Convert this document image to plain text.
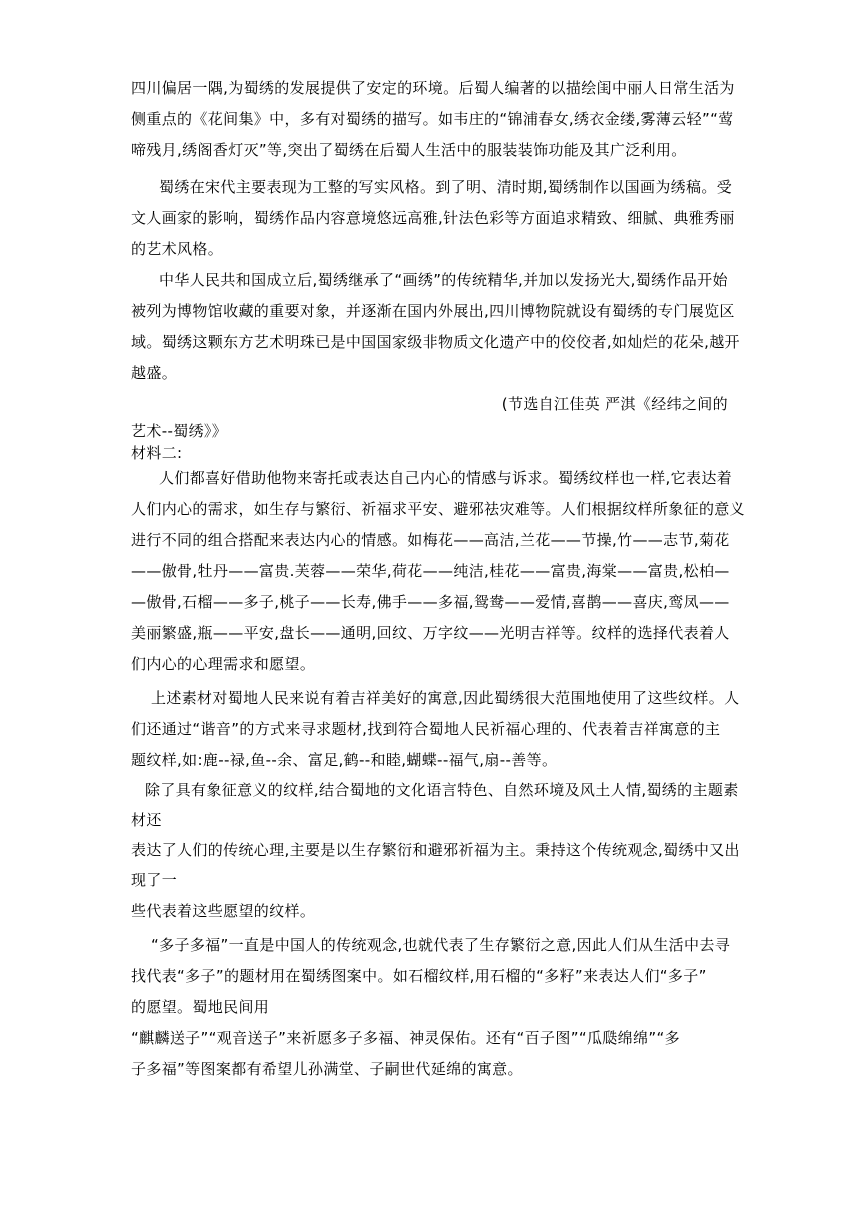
四川偏居一隅,为蜀绣的发展提供了安定的环境。后蜀人编著的以描绘闺中丽人日常生活为
侧重点的《花间集》中，多有对蜀绣的描写。如韦庄的“锦浦春女,绣衣金缕,雾薄云轻”“莺
啼残月,绣阁香灯灭”等,突出了蜀绣在后蜀人生活中的服装装饰功能及其广泛利用。
蜀绣在宋代主要表现为工整的写实风格。到了明、清时期,蜀绣制作以国画为绣稿。受
文人画家的影响，蜀绣作品内容意境悠远高雅,针法色彩等方面追求精致、细腻、典雅秀丽
的艺术风格。
中华人民共和国成立后,蜀绣继承了“画绣”的传统精华,并加以发扬光大,蜀绣作品开始
被列为博物馆收藏的重要对象，并逐渐在国内外展出,四川博物院就设有蜀绣的专门展览区
域。蜀绣这颗东方艺术明珠已是中国国家级非物质文化遗产中的佼佼者,如灿烂的花朵,越开
越盛。
(节选自江佳英 严淇《经纬之间的
艺术--蜀绣》》
材料二:
人们都喜好借助他物来寄托或表达自己内心的情感与诉求。蜀绣纹样也一样,它表达着
人们内心的需求，如生存与繁衍、祈福求平安、避邪祛灾难等。人们根据纹样所象征的意义
进行不同的组合搭配来表达内心的情感。如梅花——高洁,兰花——节操,竹——志节,菊花
——傲骨,牡丹——富贵.芙蓉——荣华,荷花——纯洁,桂花——富贵,海棠——富贵,松柏—
—傲骨,石榴——多子,桃子——长寿,佛手——多福,鸳鸯——爱情,喜鹊——喜庆,鸾凤——
美丽繁盛,瓶——平安,盘长——通明,回纹、万字纹——光明吉祥等。纹样的选择代表着人
们内心的心理需求和愿望。
上述素材对蜀地人民来说有着吉祥美好的寓意,因此蜀绣很大范围地使用了这些纹样。人
们还通过“谐音”的方式来寻求题材,找到符合蜀地人民祈福心理的、代表着吉祥寓意的主
题纹样,如:鹿--禄,鱼--余、富足,鹤--和睦,蝴蝶--福气,扇--善等。
除了具有象征意义的纹样,结合蜀地的文化语言特色、自然环境及风土人情,蜀绣的主题素
材还
表达了人们的传统心理,主要是以生存繁衍和避邪祈福为主。秉持这个传统观念,蜀绣中又出
现了一
些代表着这些愿望的纹样。
“多子多福”一直是中国人的传统观念,也就代表了生存繁衍之意,因此人们从生活中去寻
找代表“多子”的题材用在蜀绣图案中。如石榴纹样,用石榴的“多籽”来表达人们“多子”
的愿望。蜀地民间用
“麒麟送子”“观音送子”来祈愿多子多福、神灵保佑。还有“百子图”“瓜瓞绵绵”“多
子多福”等图案都有希望儿孙满堂、子嗣世代延绵的寓意。
